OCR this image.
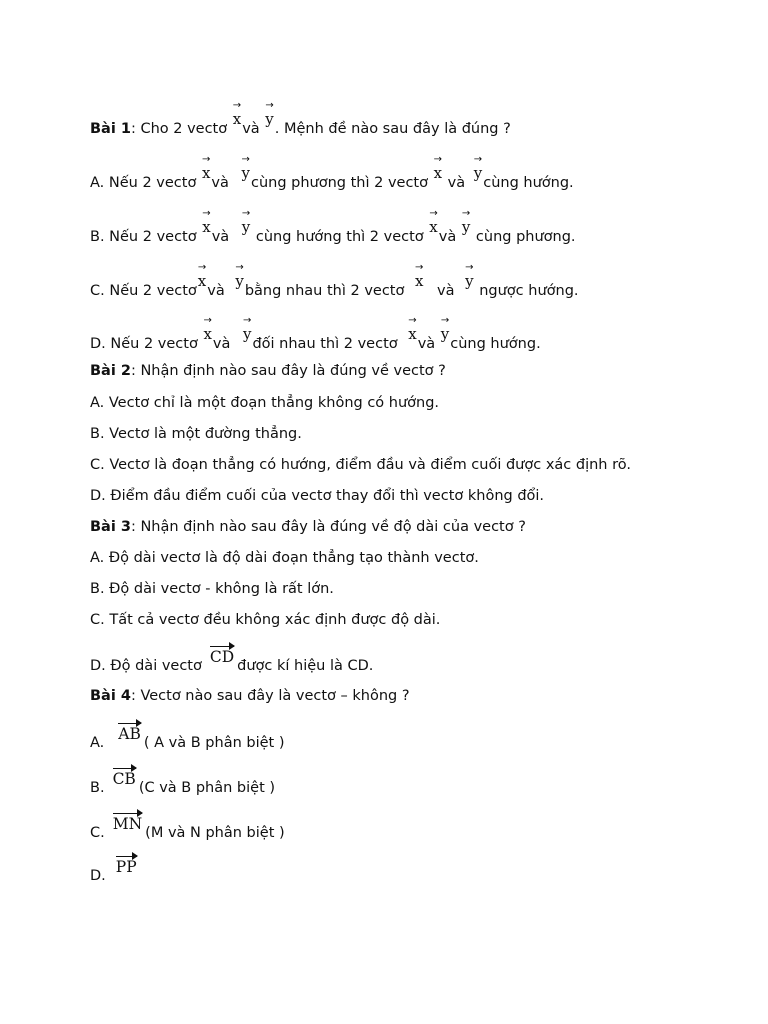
Bài 1: Cho 2 vectơ
→
xvà
→
y. Mệnh đề nào sau đây là đúng ?
A. Nếu 2 vectơ
→
xvà
→
ycùng phương thì 2 vectơ
→
x và
→
ycùng hướng.
B. Nếu 2 vectơ
→
xvà
→
y cùng hướng thì 2 vectơ
→
xvà
→
y cùng phương.
C. Nếu 2 vectơ
→
xvà
→
ybằng nhau thì 2 vectơ
→
x và
→
y ngược hướng.
D. Nếu 2 vectơ
→
xvà
→
yđối nhau thì 2 vectơ
→
xvà
→
ycùng hướng.
Bài 2: Nhận định nào sau đây là đúng về vectơ ?
A. Vectơ chỉ là một đoạn thẳng không có hướng.
B. Vectơ là một đường thẳng.
C. Vectơ là đoạn thẳng có hướng, điểm đầu và điểm cuối được xác định rõ.
D. Điểm đầu điểm cuối của vectơ thay đổi thì vectơ không đổi.
Bài 3: Nhận định nào sau đây là đúng về độ dài của vectơ ?
A. Độ dài vectơ là độ dài đoạn thẳng tạo thành vectơ.
B. Độ dài vectơ - không là rất lớn.
C. Tất cả vectơ đều không xác định được độ dài.
D. Độ dài vectơ CD được kí hiệu là CD.
Bài 4: Vectơ nào sau đây là vectơ – không ?
A. AB ( A và B phân biệt )
B. CB (C và B phân biệt )
C. MN (M và N phân biệt )
D. PP
